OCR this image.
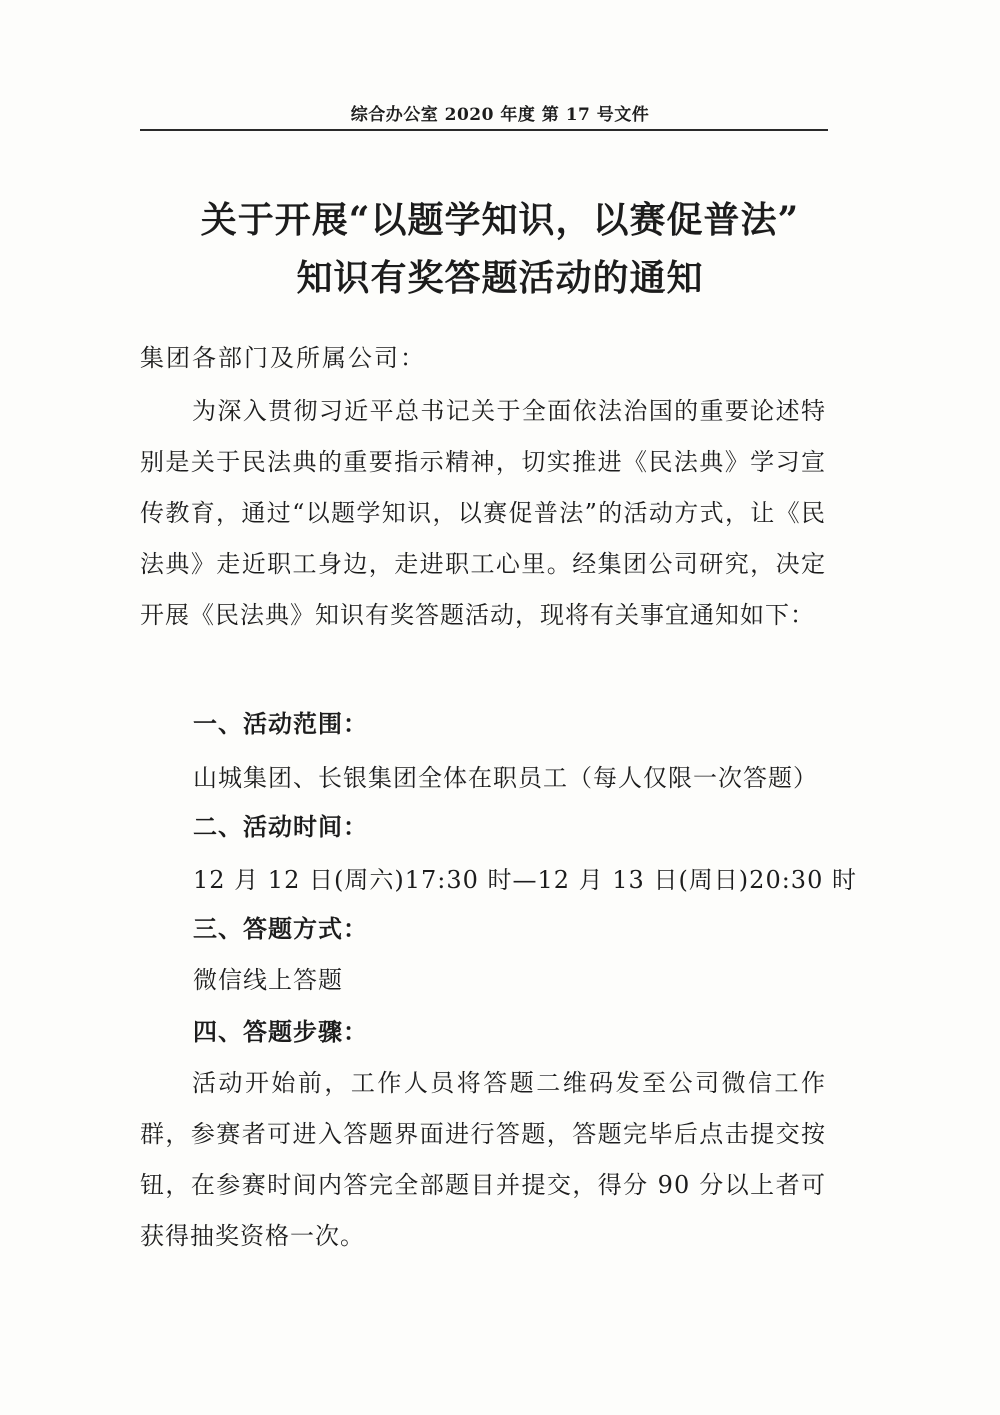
综合办公室 2020 年度 第 17 号文件
关于开展“以题学知识，以赛促普法”
知识有奖答题活动的通知
集团各部门及所属公司：
为深入贯彻习近平总书记关于全面依法治国的重要论述特别是关于民法典的重要指示精神，切实推进《民法典》学习宣传教育，通过“以题学知识，以赛促普法”的活动方式，让《民法典》走近职工身边，走进职工心里。经集团公司研究，决定开展《民法典》知识有奖答题活动，现将有关事宜通知如下：
一、活动范围：
山城集团、长银集团全体在职员工（每人仅限一次答题）
二、活动时间：
12 月 12 日(周六)17:30 时—12 月 13 日(周日)20:30 时
三、答题方式：
微信线上答题
四、答题步骤：
活动开始前，工作人员将答题二维码发至公司微信工作群，参赛者可进入答题界面进行答题，答题完毕后点击提交按钮，在参赛时间内答完全部题目并提交，得分 90 分以上者可获得抽奖资格一次。
